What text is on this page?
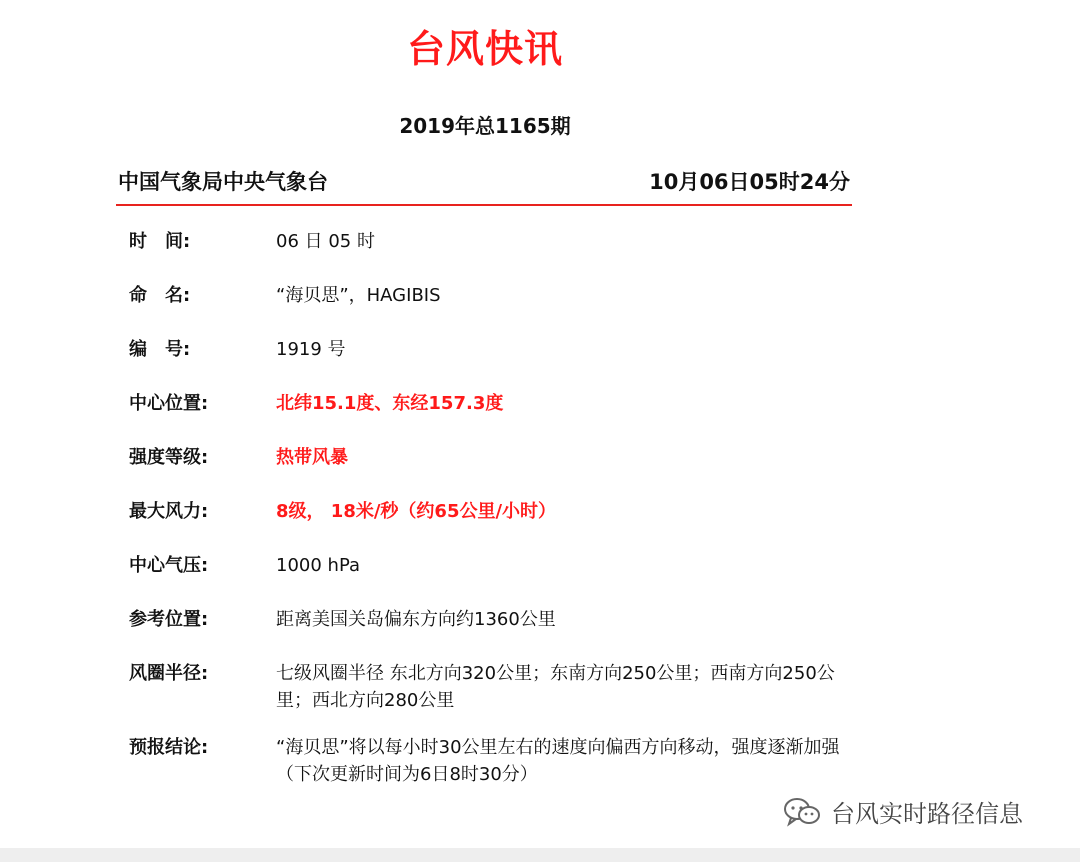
台风快讯
2019年总1165期
中国气象局中央气象台	10月06日05时24分
时　间:	06 日 05 时
命　名:	“海贝思”，HAGIBIS
编　号:	1919 号
中心位置:	北纬15.1度、东经157.3度
强度等级:	热带风暴
最大风力:	8级， 18米/秒（约65公里/小时）
中心气压:	1000 hPa
参考位置:	距离美国关岛偏东方向约1360公里
风圈半径:	七级风圈半径 东北方向320公里；东南方向250公里；西南方向250公里；西北方向280公里
预报结论:	“海贝思”将以每小时30公里左右的速度向偏西方向移动，强度逐渐加强
（下次更新时间为6日8时30分）
台风实时路径信息
